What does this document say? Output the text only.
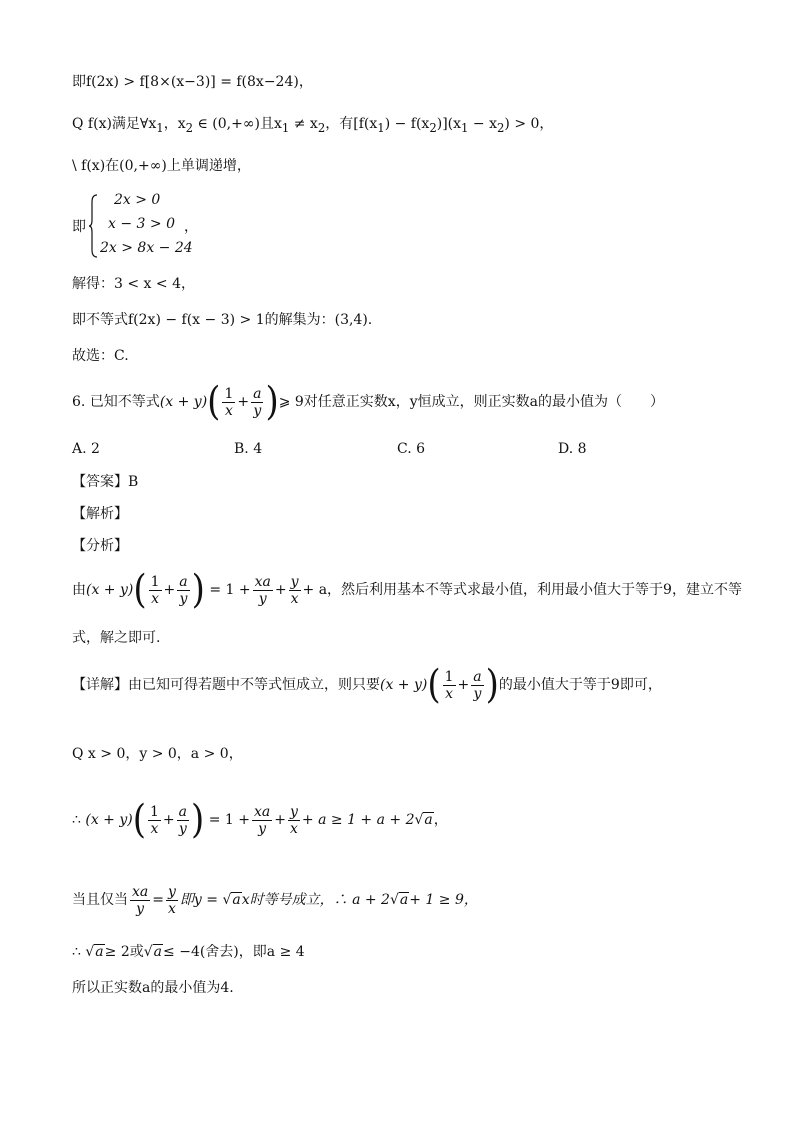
即f(2x) > f[8×(x−3)] = f(8x−24)，
Q f(x)满足$\forall x_1$，$x_2$ ∈ (0,+∞)且$x_1 \ne x_2$，有$[f(x_1) - f(x_2)](x_1 - x_2) > 0$，
\ f(x)在(0,+∞)上单调递增，
即
2x > 0
x − 3 > 0
2x > 8x − 24
，
解得：3 < x < 4，
即不等式f(2x) − f(x − 3) > 1的解集为：(3,4).
故选：C.
6. 已知不等式$(x + y)( \frac{1}{x} + \frac{a}{y}$ )⩾ 9对任意正实数x，y恒成立，则正实数a的最小值为（　　）
A. 2	B. 4	C. 6	D. 8
【答案】B
【解析】
【分析】
由$(x + y)( \frac{1}{x} + \frac{a}{y}$ ) = $1 + \frac{xa}{y} + \frac{y}{x} + a$，然后利用基本不等式求最小值，利用最小值大于等于9，建立不等
式，解之即可.
【详解】由已知可得若题中不等式恒成立，则只要$(x + y)( \frac{1}{x} + \frac{a}{y}$ )的最小值大于等于9即可，
Q x > 0，y > 0，a > 0，
∴ $(x + y)( \frac{1}{x} + \frac{a}{y}$ ) = $1 + \frac{xa}{y} + \frac{y}{x} + a \ge 1 + a + 2√a$，
当且仅当 $\frac{xa}{y} = \frac{y}{x}$ 即y = √ax时等号成立，∴ a + 2√a+ 1 ≥ 9，
∴ √a≥ 2或√a≤ −4(舍去)，即a ≥ 4
所以正实数a的最小值为4.
